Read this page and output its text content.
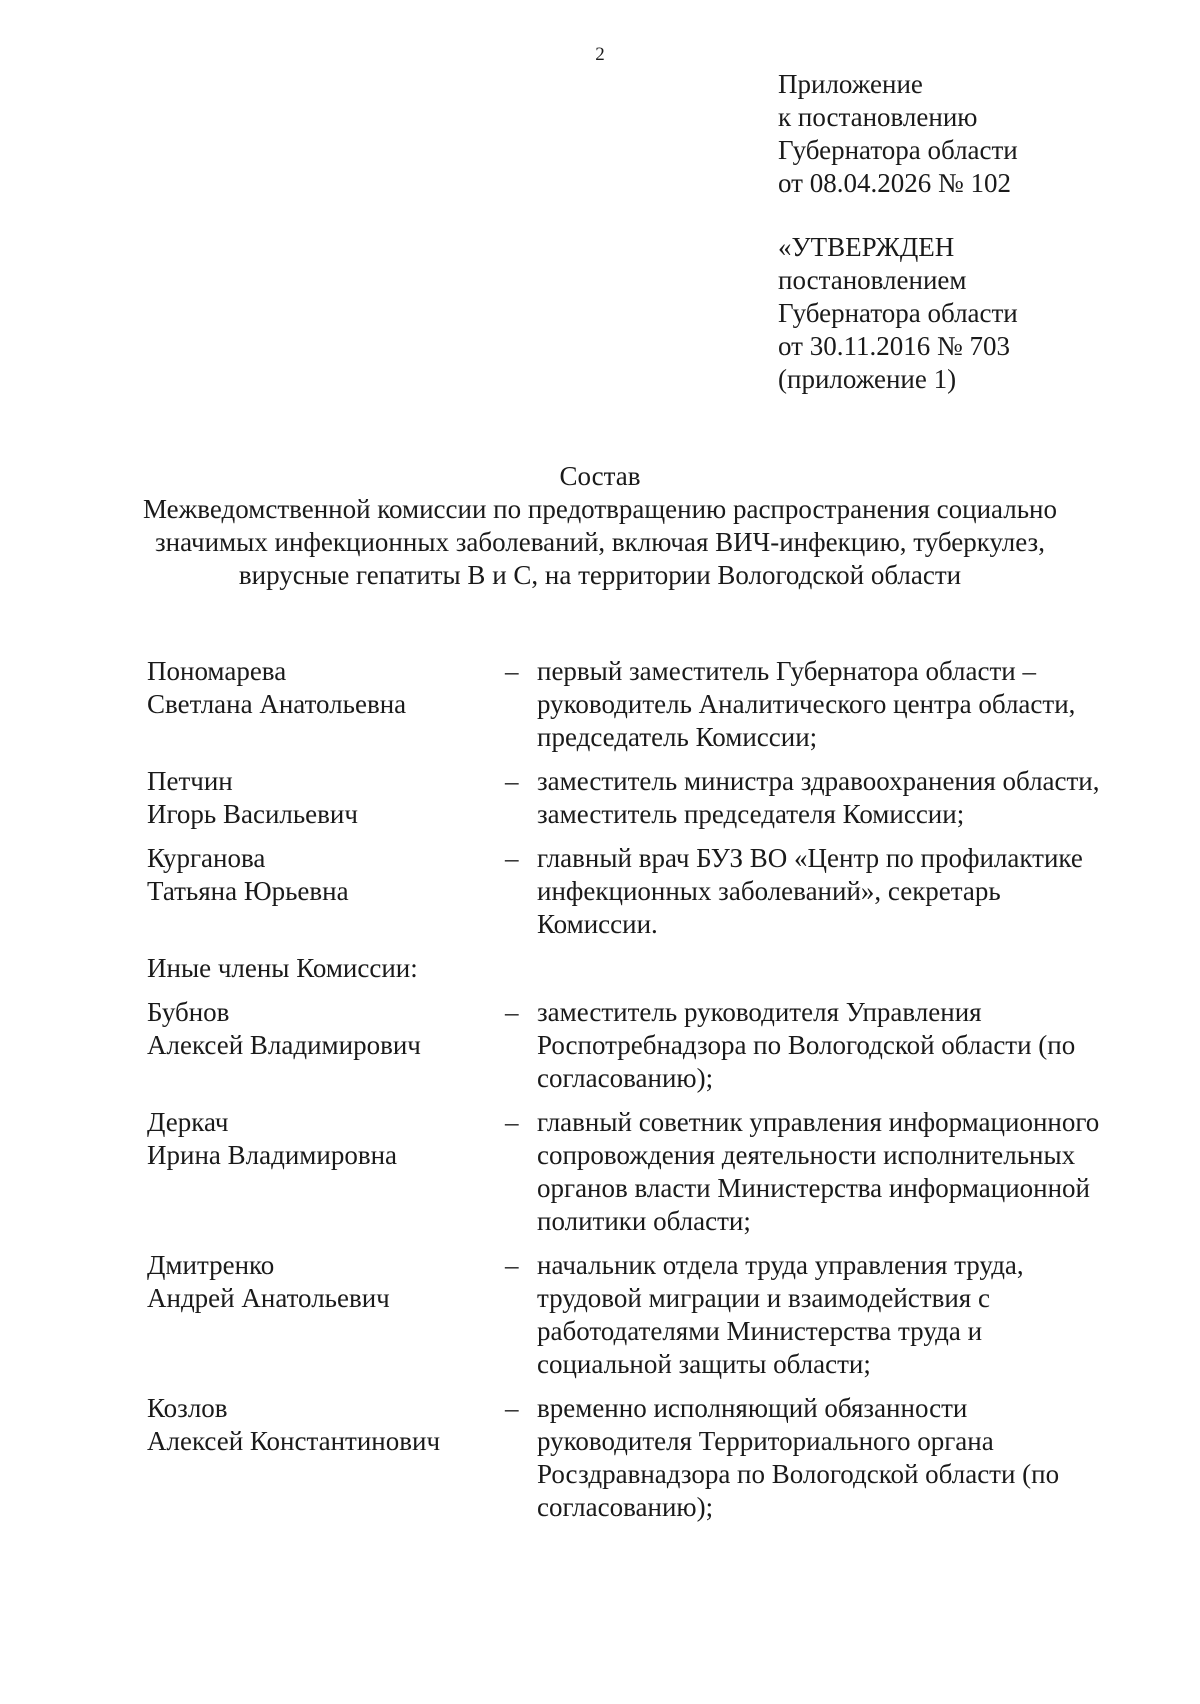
2
Приложение
к постановлению
Губернатора области
от 08.04.2026 № 102
«УТВЕРЖДЕН
постановлением
Губернатора области
от 30.11.2016 № 703
(приложение 1)
Состав
Межведомственной комиссии по предотвращению распространения социально
значимых инфекционных заболеваний, включая ВИЧ-инфекцию, туберкулез,
вирусные гепатиты В и С, на территории Вологодской области
Пономарева
Светлана Анатольевна
– первый заместитель Губернатора области –
руководитель Аналитического центра области,
председатель Комиссии;
Петчин
Игорь Васильевич
– заместитель министра здравоохранения области,
заместитель председателя Комиссии;
Курганова
Татьяна Юрьевна
– главный врач БУЗ ВО «Центр по профилактике
инфекционных заболеваний», секретарь
Комиссии.
Иные члены Комиссии:
Бубнов
Алексей Владимирович
– заместитель руководителя Управления
Роспотребнадзора по Вологодской области (по
согласованию);
Деркач
Ирина Владимировна
– главный советник управления информационного
сопровождения деятельности исполнительных
органов власти Министерства информационной
политики области;
Дмитренко
Андрей Анатольевич
– начальник отдела труда управления труда,
трудовой миграции и взаимодействия с
работодателями Министерства труда и
социальной защиты области;
Козлов
Алексей Константинович
– временно исполняющий обязанности
руководителя Территориального органа
Росздравнадзора по Вологодской области (по
согласованию);
